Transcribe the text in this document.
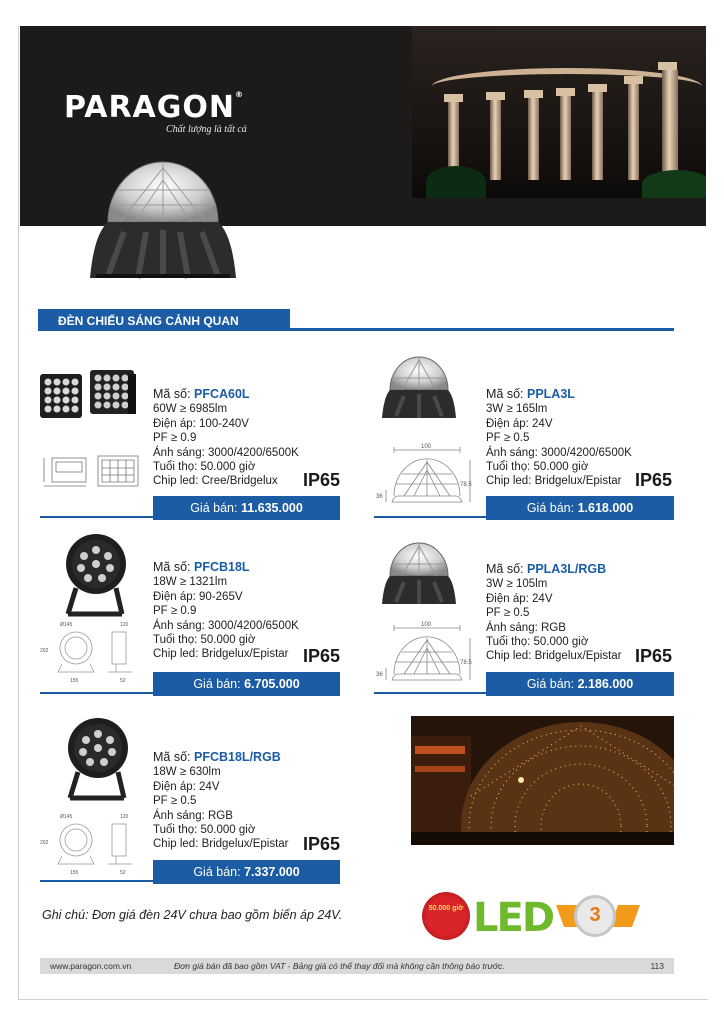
PARAGON®
Chất lượng là tất cả
ĐÈN CHIẾU SÁNG CẢNH QUAN
Mã số: PFCA60L
60W ≥ 6985lm
Điện áp: 100-240V
PF ≥ 0.9
Ánh sáng: 3000/4200/6500K
Tuổi thọ: 50.000 giờ
Chip led: Cree/Bridgelux	IP65
Giá bán: 11.635.000
100
78.5
36
Mã số: PPLA3L
3W ≥ 165lm
Điện áp: 24V
PF ≥ 0.5
Ánh sáng: 3000/4200/6500K
Tuổi thọ: 50.000 giờ
Chip led: Bridgelux/Epistar IP65
Giá bán: 1.618.000
Ø145	120
202
155	52
Mã số: PFCB18L
18W ≥ 1321lm
Điện áp: 90-265V
PF ≥ 0.9
Ánh sáng: 3000/4200/6500K
Tuổi thọ: 50.000 giờ
Chip led: Bridgelux/Epistar IP65
Giá bán: 6.705.000
100
78.5
36
Mã số: PPLA3L/RGB
3W ≥ 105lm
Điện áp: 24V
PF ≥ 0.5
Ánh sáng: RGB
Tuổi thọ: 50.000 giờ
Chip led: Bridgelux/Epistar IP65
Giá bán: 2.186.000
Ø145	120
202
155	52
Mã số: PFCB18L/RGB
18W ≥ 630lm
Điện áp: 24V
PF ≥ 0.5
Ánh sáng: RGB
Tuổi thọ: 50.000 giờ
Chip led: Bridgelux/Epistar IP65
Giá bán: 7.337.000
Ghi chú: Đơn giá đèn 24V chưa bao gồm biến áp 24V.	50.000 giờ LED	3
www.paragon.com.vn	Đơn giá bán đã bao gồm VAT - Bảng giá có thể thay đổi mà không cần thông báo trước.	113
